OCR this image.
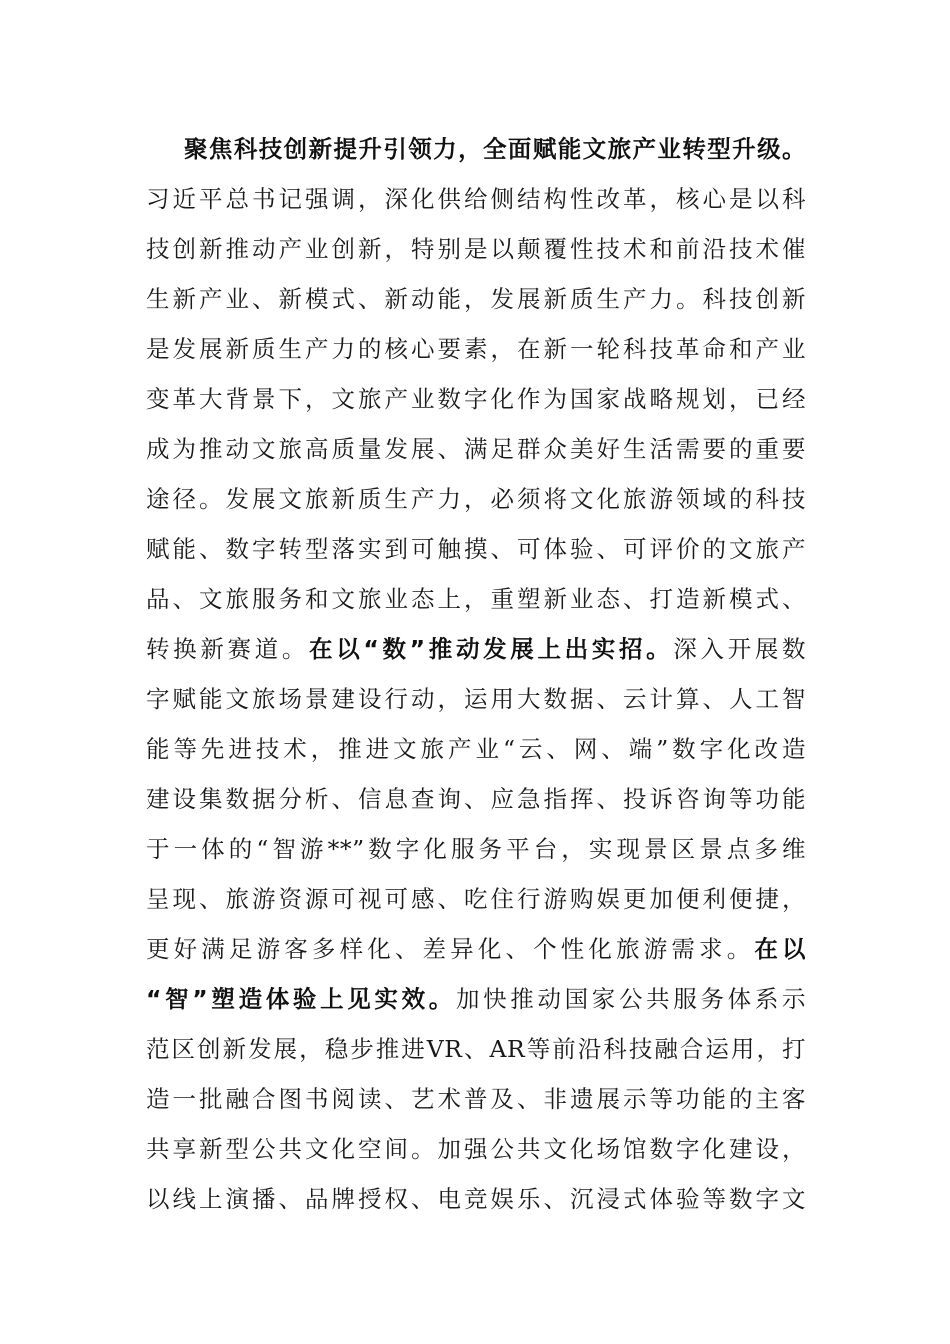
聚焦科技创新提升引领力，全面赋能文旅产业转型升级。
习近平总书记强调，深化供给侧结构性改革，核心是以科
技创新推动产业创新，特别是以颠覆性技术和前沿技术催
生新产业、新模式、新动能，发展新质生产力。科技创新
是发展新质生产力的核心要素，在新一轮科技革命和产业
变革大背景下，文旅产业数字化作为国家战略规划，已经
成为推动文旅高质量发展、满足群众美好生活需要的重要
途径。发展文旅新质生产力，必须将文化旅游领域的科技
赋能、数字转型落实到可触摸、可体验、可评价的文旅产
品、文旅服务和文旅业态上，重塑新业态、打造新模式、
转换新赛道。在以“数”推动发展上出实招。深入开展数
字赋能文旅场景建设行动，运用大数据、云计算、人工智
能等先进技术，推进文旅产业“云、网、端”数字化改造
建设集数据分析、信息查询、应急指挥、投诉咨询等功能
于一体的“智游**”数字化服务平台，实现景区景点多维
呈现、旅游资源可视可感、吃住行游购娱更加便利便捷，
更好满足游客多样化、差异化、个性化旅游需求。在以
“智”塑造体验上见实效。加快推动国家公共服务体系示
范区创新发展，稳步推进VR、AR等前沿科技融合运用，打
造一批融合图书阅读、艺术普及、非遗展示等功能的主客
共享新型公共文化空间。加强公共文化场馆数字化建设，
以线上演播、品牌授权、电竞娱乐、沉浸式体验等数字文
